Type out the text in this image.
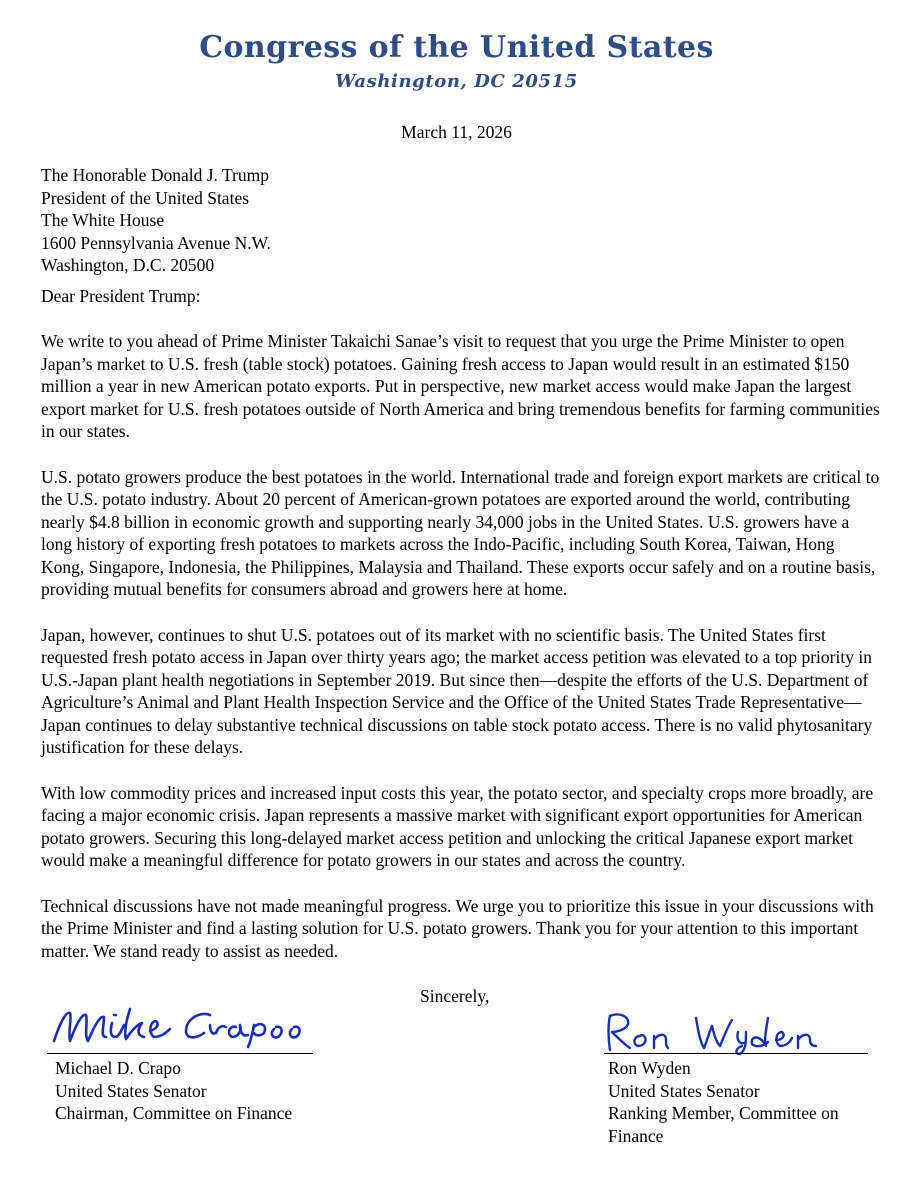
Congress of the United States
Washington, DC 20515
March 11, 2026
The Honorable Donald J. Trump
President of the United States
The White House
1600 Pennsylvania Avenue N.W.
Washington, D.C. 20500
Dear President Trump:

We write to you ahead of Prime Minister Takaichi Sanae’s visit to request that you urge the Prime Minister to open Japan’s market to U.S. fresh (table stock) potatoes. Gaining fresh access to Japan would result in an estimated $150 million a year in new American potato exports. Put in perspective, new market access would make Japan the largest export market for U.S. fresh potatoes outside of North America and bring tremendous benefits for farming communities in our states.

U.S. potato growers produce the best potatoes in the world. International trade and foreign export markets are critical to the U.S. potato industry. About 20 percent of American-grown potatoes are exported around the world, contributing nearly $4.8 billion in economic growth and supporting nearly 34,000 jobs in the United States. U.S. growers have a long history of exporting fresh potatoes to markets across the Indo-Pacific, including South Korea, Taiwan, Hong Kong, Singapore, Indonesia, the Philippines, Malaysia and Thailand. These exports occur safely and on a routine basis, providing mutual benefits for consumers abroad and growers here at home.

Japan, however, continues to shut U.S. potatoes out of its market with no scientific basis. The United States first requested fresh potato access in Japan over thirty years ago; the market access petition was elevated to a top priority in U.S.-Japan plant health negotiations in September 2019. But since then—despite the efforts of the U.S. Department of Agriculture’s Animal and Plant Health Inspection Service and the Office of the United States Trade Representative—Japan continues to delay substantive technical discussions on table stock potato access. There is no valid phytosanitary justification for these delays.

With low commodity prices and increased input costs this year, the potato sector, and specialty crops more broadly, are facing a major economic crisis. Japan represents a massive market with significant export opportunities for American potato growers. Securing this long-delayed market access petition and unlocking the critical Japanese export market would make a meaningful difference for potato growers in our states and across the country.

Technical discussions have not made meaningful progress. We urge you to prioritize this issue in your discussions with the Prime Minister and find a lasting solution for U.S. potato growers. Thank you for your attention to this important matter. We stand ready to assist as needed.

Sincerely,
Michael D. Crapo
United States Senator
Chairman, Committee on Finance
Ron Wyden
United States Senator
Ranking Member, Committee on
Finance
